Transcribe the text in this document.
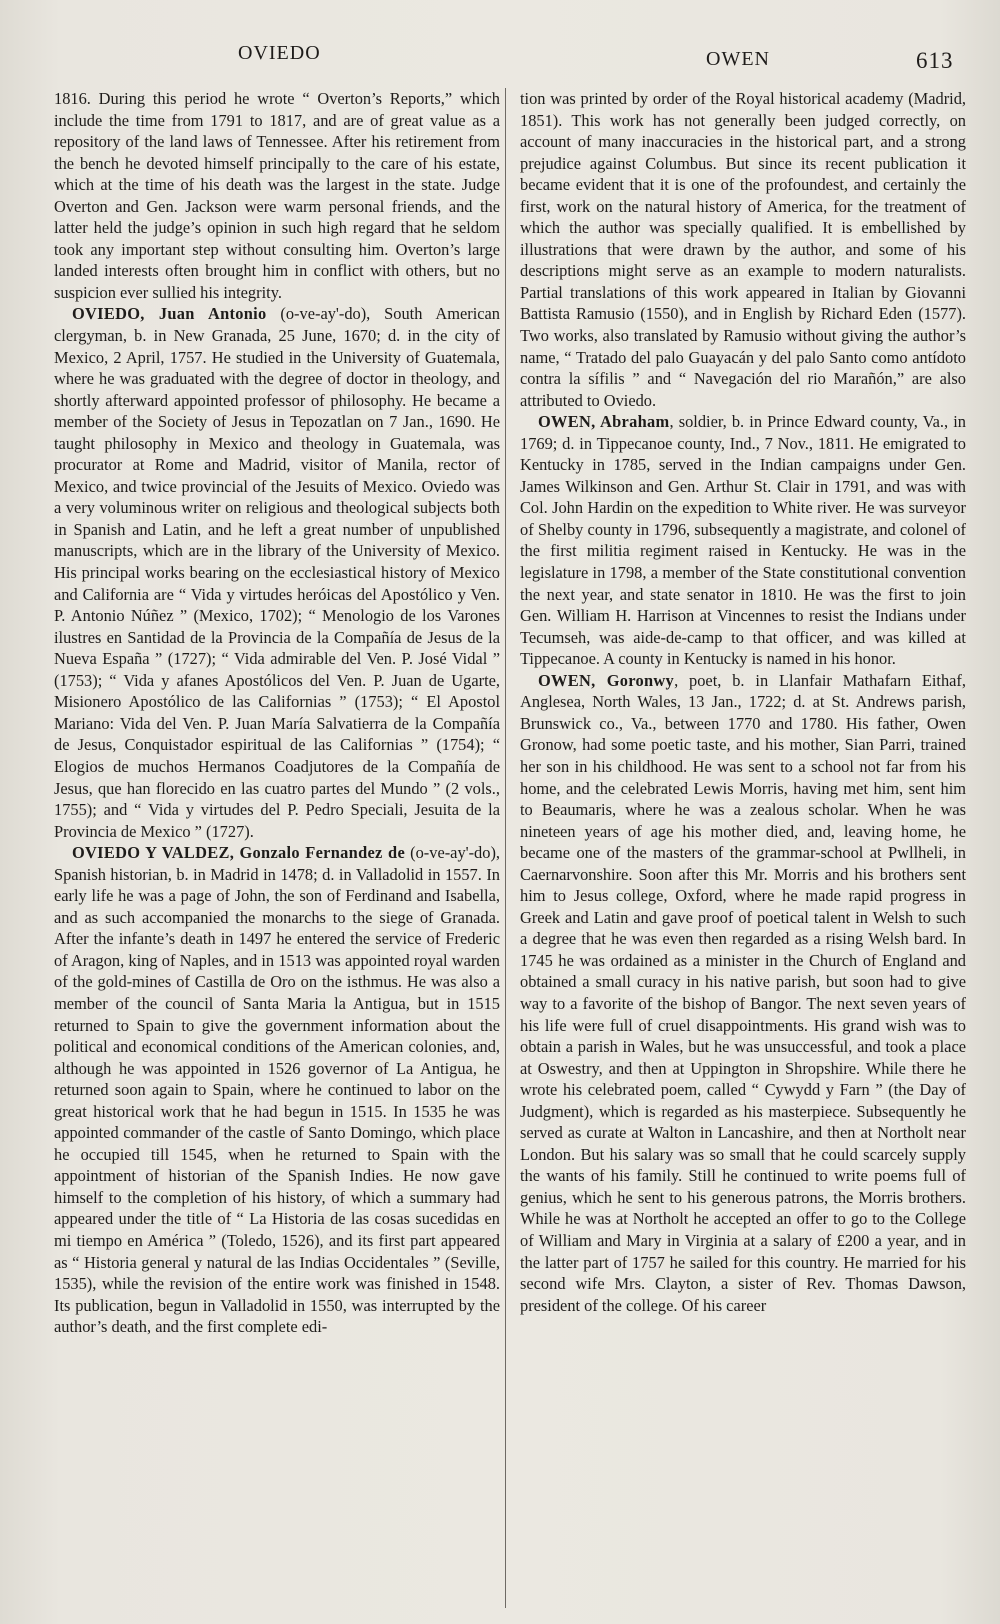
OVIEDO	OWEN	613

1816. During this period he wrote “ Overton’s Reports,” which include the time from 1791 to 1817, and are of great value as a repository of the land laws of Tennessee. After his retirement from the bench he devoted himself principally to the care of his estate, which at the time of his death was the largest in the state. Judge Overton and Gen. Jackson were warm personal friends, and the latter held the judge’s opinion in such high regard that he seldom took any important step without consulting him. Overton’s large landed interests often brought him in conflict with others, but no suspicion ever sullied his integrity.

OVIEDO, Juan Antonio (o-ve-ay'-do), South American clergyman, b. in New Granada, 25 June, 1670; d. in the city of Mexico, 2 April, 1757. He studied in the University of Guatemala, where he was graduated with the degree of doctor in theology, and shortly afterward appointed professor of philosophy. He became a member of the Society of Jesus in Tepozatlan on 7 Jan., 1690. He taught philosophy in Mexico and theology in Guatemala, was procurator at Rome and Madrid, visitor of Manila, rector of Mexico, and twice provincial of the Jesuits of Mexico. Oviedo was a very voluminous writer on religious and theological subjects both in Spanish and Latin, and he left a great number of unpublished manuscripts, which are in the library of the University of Mexico. His principal works bearing on the ecclesiastical history of Mexico and California are “ Vida y virtudes heróicas del Apostólico y Ven. P. Antonio Núñez ” (Mexico, 1702); “ Menologio de los Varones ilustres en Santidad de la Provincia de la Compañía de Jesus de la Nueva España ” (1727); “ Vida admirable del Ven. P. José Vidal ” (1753); “ Vida y afanes Apostólicos del Ven. P. Juan de Ugarte, Misionero Apostólico de las Californias ” (1753); “ El Apostol Mariano: Vida del Ven. P. Juan María Salvatierra de la Compañía de Jesus, Conquistador espiritual de las Californias ” (1754); “ Elogios de muchos Hermanos Coadjutores de la Compañía de Jesus, que han florecido en las cuatro partes del Mundo ” (2 vols., 1755); and “ Vida y virtudes del P. Pedro Speciali, Jesuita de la Provincia de Mexico ” (1727).

OVIEDO Y VALDEZ, Gonzalo Fernandez de (o-ve-ay'-do), Spanish historian, b. in Madrid in 1478; d. in Valladolid in 1557. In early life he was a page of John, the son of Ferdinand and Isabella, and as such accompanied the monarchs to the siege of Granada. After the infante’s death in 1497 he entered the service of Frederic of Aragon, king of Naples, and in 1513 was appointed royal warden of the gold-mines of Castilla de Oro on the isthmus. He was also a member of the council of Santa Maria la Antigua, but in 1515 returned to Spain to give the government information about the political and economical conditions of the American colonies, and, although he was appointed in 1526 governor of La Antigua, he returned soon again to Spain, where he continued to labor on the great historical work that he had begun in 1515. In 1535 he was appointed commander of the castle of Santo Domingo, which place he occupied till 1545, when he returned to Spain with the appointment of historian of the Spanish Indies. He now gave himself to the completion of his history, of which a summary had appeared under the title of “ La Historia de las cosas sucedidas en mi tiempo en América ” (Toledo, 1526), and its first part appeared as “ Historia general y natural de las Indias Occidentales ” (Seville, 1535), while the revision of the entire work was finished in 1548. Its publication, begun in Valladolid in 1550, was interrupted by the author’s death, and the first complete edi-

tion was printed by order of the Royal historical academy (Madrid, 1851). This work has not generally been judged correctly, on account of many inaccuracies in the historical part, and a strong prejudice against Columbus. But since its recent publication it became evident that it is one of the profoundest, and certainly the first, work on the natural history of America, for the treatment of which the author was specially qualified. It is embellished by illustrations that were drawn by the author, and some of his descriptions might serve as an example to modern naturalists. Partial translations of this work appeared in Italian by Giovanni Battista Ramusio (1550), and in English by Richard Eden (1577). Two works, also translated by Ramusio without giving the author’s name, “ Tratado del palo Guayacán y del palo Santo como antídoto contra la sífilis ” and “ Navegación del rio Marañón,” are also attributed to Oviedo.

OWEN, Abraham, soldier, b. in Prince Edward county, Va., in 1769; d. in Tippecanoe county, Ind., 7 Nov., 1811. He emigrated to Kentucky in 1785, served in the Indian campaigns under Gen. James Wilkinson and Gen. Arthur St. Clair in 1791, and was with Col. John Hardin on the expedition to White river. He was surveyor of Shelby county in 1796, subsequently a magistrate, and colonel of the first militia regiment raised in Kentucky. He was in the legislature in 1798, a member of the State constitutional convention the next year, and state senator in 1810. He was the first to join Gen. William H. Harrison at Vincennes to resist the Indians under Tecumseh, was aide-de-camp to that officer, and was killed at Tippecanoe. A county in Kentucky is named in his honor.

OWEN, Goronwy, poet, b. in Llanfair Mathafarn Eithaf, Anglesea, North Wales, 13 Jan., 1722; d. at St. Andrews parish, Brunswick co., Va., between 1770 and 1780. His father, Owen Gronow, had some poetic taste, and his mother, Sian Parri, trained her son in his childhood. He was sent to a school not far from his home, and the celebrated Lewis Morris, having met him, sent him to Beaumaris, where he was a zealous scholar. When he was nineteen years of age his mother died, and, leaving home, he became one of the masters of the grammar-school at Pwllheli, in Caernarvonshire. Soon after this Mr. Morris and his brothers sent him to Jesus college, Oxford, where he made rapid progress in Greek and Latin and gave proof of poetical talent in Welsh to such a degree that he was even then regarded as a rising Welsh bard. In 1745 he was ordained as a minister in the Church of England and obtained a small curacy in his native parish, but soon had to give way to a favorite of the bishop of Bangor. The next seven years of his life were full of cruel disappointments. His grand wish was to obtain a parish in Wales, but he was unsuccessful, and took a place at Oswestry, and then at Uppington in Shropshire. While there he wrote his celebrated poem, called “ Cywydd y Farn ” (the Day of Judgment), which is regarded as his masterpiece. Subsequently he served as curate at Walton in Lancashire, and then at Northolt near London. But his salary was so small that he could scarcely supply the wants of his family. Still he continued to write poems full of genius, which he sent to his generous patrons, the Morris brothers. While he was at Northolt he accepted an offer to go to the College of William and Mary in Virginia at a salary of £200 a year, and in the latter part of 1757 he sailed for this country. He married for his second wife Mrs. Clayton, a sister of Rev. Thomas Dawson, president of the college. Of his career
